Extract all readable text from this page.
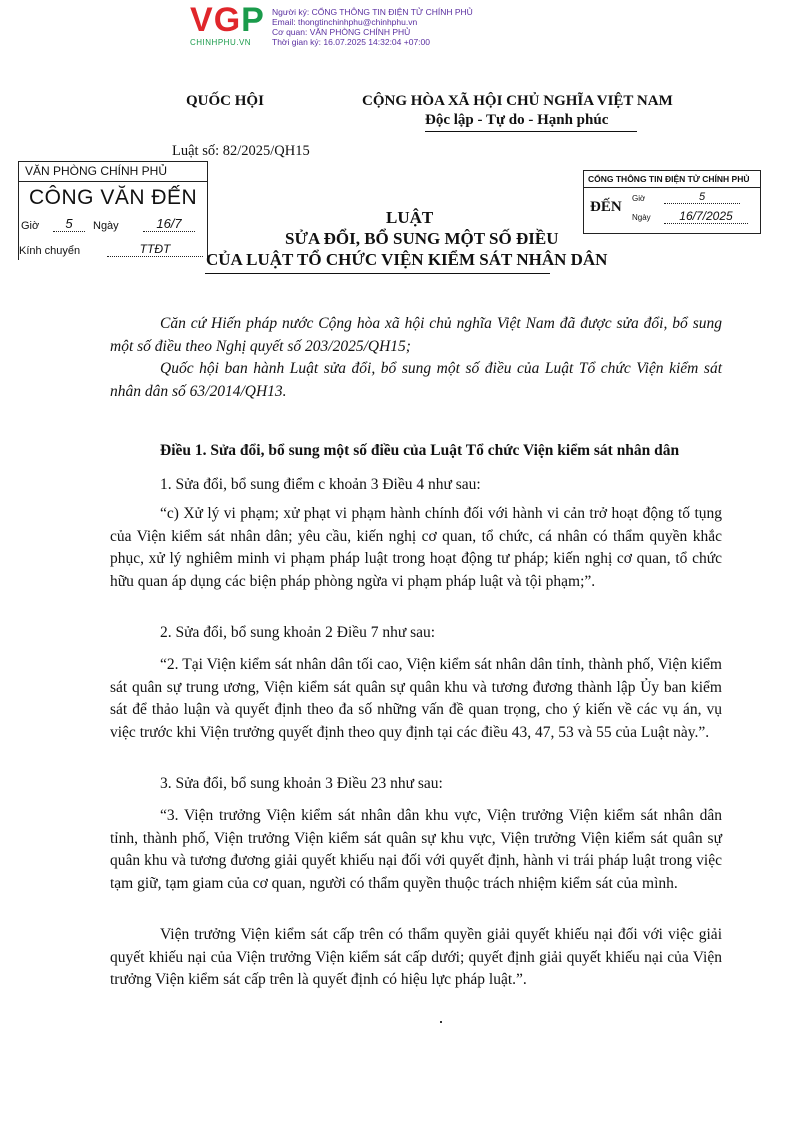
VGP
CHINHPHU.VN
Người ký: CỔNG THÔNG TIN ĐIỆN TỬ CHÍNH PHỦ
Email: thongtinchinhphu@chinhphu.vn
Cơ quan: VĂN PHÒNG CHÍNH PHỦ
Thời gian ký: 16.07.2025 14:32:04 +07:00
QUỐC HỘI	CỘNG HÒA XÃ HỘI CHỦ NGHĨA VIỆT NAM
Độc lập - Tự do - Hạnh phúc
Luật số: 82/2025/QH15
VĂN PHÒNG CHÍNH PHỦ
CÔNG VĂN ĐẾN
Giờ	5	Ngày	16/7
Kính chuyển	TTĐT
CỔNG THÔNG TIN ĐIỆN TỬ CHÍNH PHỦ
ĐẾN
Giờ	5
Ngày	16/7/2025
LUẬT
SỬA ĐỔI, BỔ SUNG MỘT SỐ ĐIỀU
CỦA LUẬT TỔ CHỨC VIỆN KIỂM SÁT NHÂN DÂN
Căn cứ Hiến pháp nước Cộng hòa xã hội chủ nghĩa Việt Nam đã được sửa đổi, bổ sung một số điều theo Nghị quyết số 203/2025/QH15;
Quốc hội ban hành Luật sửa đổi, bổ sung một số điều của Luật Tổ chức Viện kiểm sát nhân dân số 63/2014/QH13.
Điều 1. Sửa đổi, bổ sung một số điều của Luật Tổ chức Viện kiểm sát nhân dân
1. Sửa đổi, bổ sung điểm c khoản 3 Điều 4 như sau:
“c) Xử lý vi phạm; xử phạt vi phạm hành chính đối với hành vi cản trở hoạt động tố tụng của Viện kiểm sát nhân dân; yêu cầu, kiến nghị cơ quan, tổ chức, cá nhân có thẩm quyền khắc phục, xử lý nghiêm minh vi phạm pháp luật trong hoạt động tư pháp; kiến nghị cơ quan, tổ chức hữu quan áp dụng các biện pháp phòng ngừa vi phạm pháp luật và tội phạm;”.
2. Sửa đổi, bổ sung khoản 2 Điều 7 như sau:
“2. Tại Viện kiểm sát nhân dân tối cao, Viện kiểm sát nhân dân tỉnh, thành phố, Viện kiểm sát quân sự trung ương, Viện kiểm sát quân sự quân khu và tương đương thành lập Ủy ban kiểm sát để thảo luận và quyết định theo đa số những vấn đề quan trọng, cho ý kiến về các vụ án, vụ việc trước khi Viện trưởng quyết định theo quy định tại các điều 43, 47, 53 và 55 của Luật này.”.
3. Sửa đổi, bổ sung khoản 3 Điều 23 như sau:
“3. Viện trưởng Viện kiểm sát nhân dân khu vực, Viện trưởng Viện kiểm sát nhân dân tỉnh, thành phố, Viện trưởng Viện kiểm sát quân sự khu vực, Viện trưởng Viện kiểm sát quân sự quân khu và tương đương giải quyết khiếu nại đối với quyết định, hành vi trái pháp luật trong việc tạm giữ, tạm giam của cơ quan, người có thẩm quyền thuộc trách nhiệm kiểm sát của mình.
Viện trưởng Viện kiểm sát cấp trên có thẩm quyền giải quyết khiếu nại đối với việc giải quyết khiếu nại của Viện trưởng Viện kiểm sát cấp dưới; quyết định giải quyết khiếu nại của Viện trưởng Viện kiểm sát cấp trên là quyết định có hiệu lực pháp luật.”.
